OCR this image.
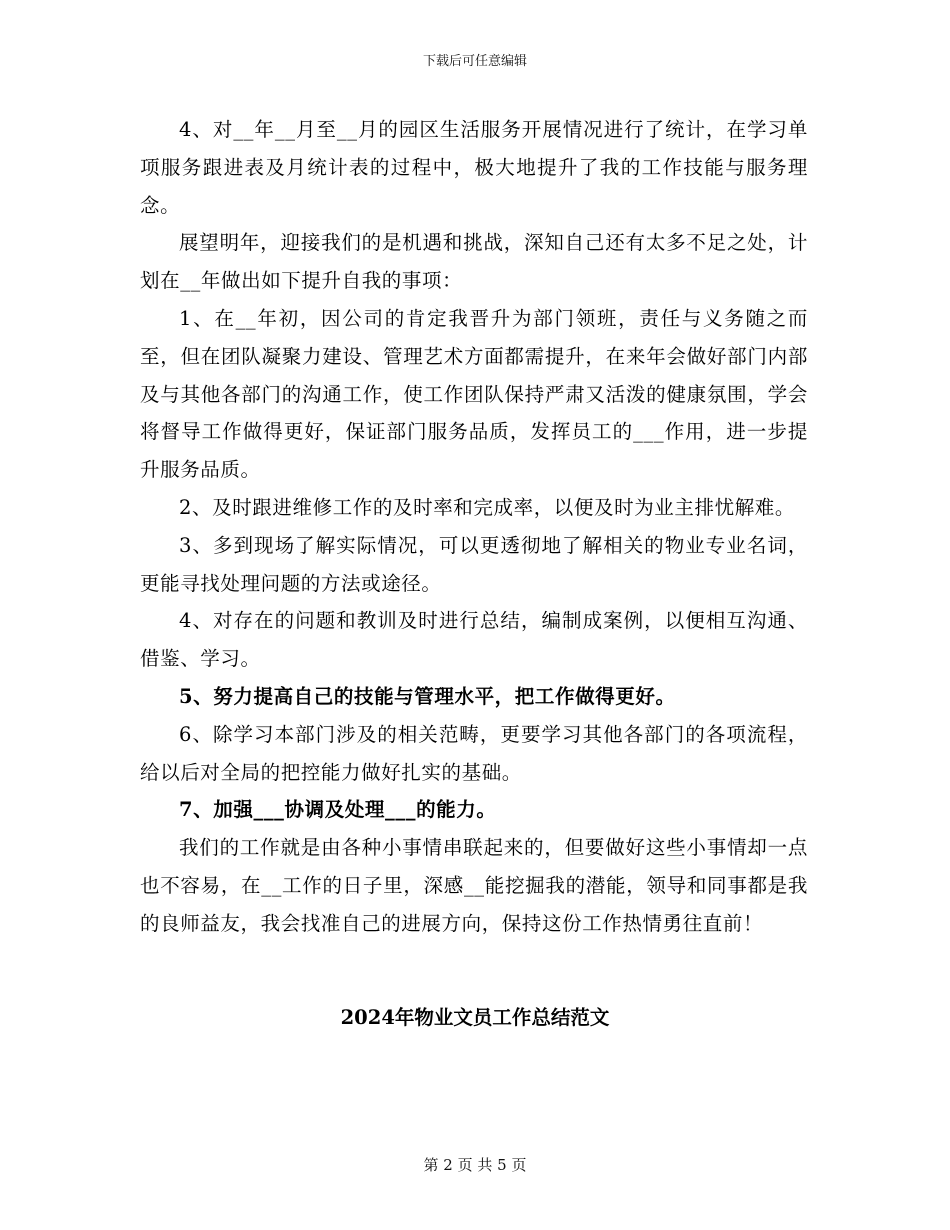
下载后可任意编辑

4、对__年__月至__月的园区生活服务开展情况进行了统计，在学习单项服务跟进表及月统计表的过程中，极大地提升了我的工作技能与服务理念。

展望明年，迎接我们的是机遇和挑战，深知自己还有太多不足之处，计划在__年做出如下提升自我的事项：

1、在__年初，因公司的肯定我晋升为部门领班，责任与义务随之而至，但在团队凝聚力建设、管理艺术方面都需提升，在来年会做好部门内部及与其他各部门的沟通工作，使工作团队保持严肃又活泼的健康氛围，学会将督导工作做得更好，保证部门服务品质，发挥员工的___作用，进一步提升服务品质。

2、及时跟进维修工作的及时率和完成率，以便及时为业主排忧解难。

3、多到现场了解实际情况，可以更透彻地了解相关的物业专业名词，更能寻找处理问题的方法或途径。

4、对存在的问题和教训及时进行总结，编制成案例，以便相互沟通、借鉴、学习。

5、努力提高自己的技能与管理水平，把工作做得更好。

6、除学习本部门涉及的相关范畴，更要学习其他各部门的各项流程，给以后对全局的把控能力做好扎实的基础。

7、加强___协调及处理___的能力。

我们的工作就是由各种小事情串联起来的，但要做好这些小事情却一点也不容易，在__工作的日子里，深感__能挖掘我的潜能，领导和同事都是我的良师益友，我会找准自己的进展方向，保持这份工作热情勇往直前！

2024年物业文员工作总结范文
第 2 页 共 5 页
